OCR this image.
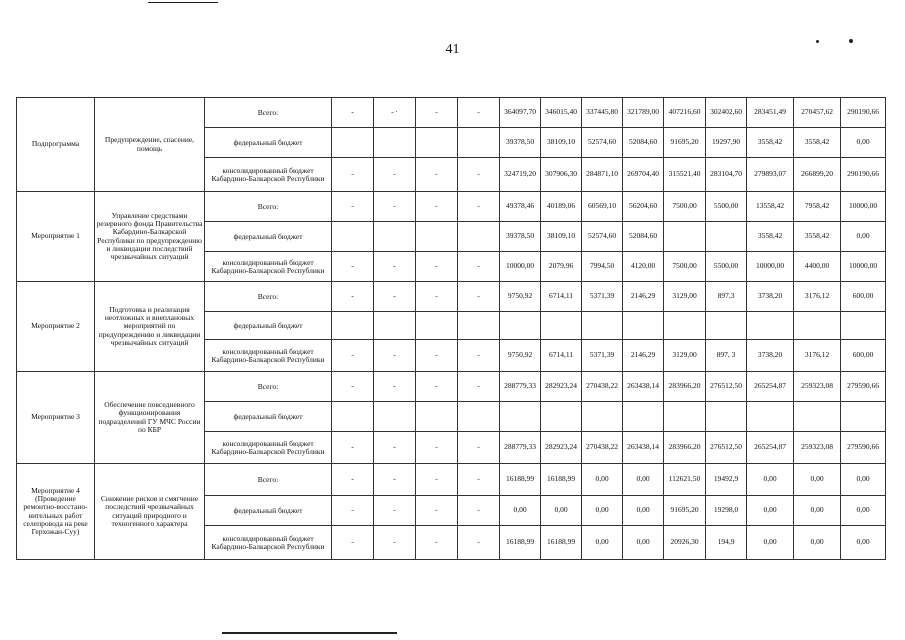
41
Подпрограмма	Предупреждение, спасение, помощь	Всего:	-	- ·	-	-	364097,70	346015,40	337445,80	321789,00	407216,60	302402,60	283451,49	270457,62	290190,66
		федеральный бюджет					39378,50	38109,10	52574,60	52084,60	91695,20	19297,90	3558,42	3558,42	0,00
		консолидированный бюджет Кабардино-Балкарской Республики	-	-	-	-	324719,20	307906,30	284871,10	269704,40	315521,40	283104,70	279893,07	266899,20	290190,66
Мероприятие 1	Управление средствами резервного фонда Правительства Кабардино-Балкарской Республики по предупреждению и ликвидации последствий чрезвычайных ситуаций	Всего:	-	-	-	-	49378,46	40189,06	60569,10	56204,60	7500,00	5500,00	13558,42	7958,42	10000,00
		федеральный бюджет					39378,50	38109,10	52574,60	52084,60			3558,42	3558,42	0,00
		консолидированный бюджет Кабардино-Балкарской Республики	-	-	-	-	10000,00	2079,96	7994,50	4120,00	7500,00	5500,00	10000,00	4400,00	10000,00
Мероприятие 2	Подготовка и реализация неотложных и внеплановых мероприятий по предупреждению и ликвидации чрезвычайных ситуаций	Всего:	-	-	-	-	9750,92	6714,11	5371,39	2146,29	3129,00	897,3	3738,20	3176,12	600,00
		федеральный бюджет													
		консолидированный бюджет Кабардино-Балкарской Республики	-	-	-	-	9750,92	6714,11	5371,39	2146,29	3129,00	897, 3	3738,20	3176,12	600,00
Мероприятие 3	Обеспечение повседневного функционирования подразделений ГУ МЧС России по КБР	Всего:	-	-	-	-	288779,33	282923,24	270438,22	263438,14	283966,20	276512,50	265254,87	259323,08	279590,66
		федеральный бюджет													
		консолидированный бюджет Кабардино-Балкарской Республики	-	-	-	-	288779,33	282923,24	270438,22	263438,14	283966,20	276512,50	265254,87	259323,08	279590,66
Мероприятие 4 (Проведение ремонтно-восстано-вительных работ селепровода на реке Герхожан-Суу)	Снижение рисков и смягчение последствий чрезвычайных ситуаций природного и техногенного характера	Всего:	-	-	-	-	16188,99	16188,99	0,00	0,00	112621,50	19492,9	0,00	0,00	0,00
		федеральный бюджет	-	-	-	-	0,00	0,00	0,00	0,00	91695,20	19298,0	0,00	0,00	0,00
		консолидированный бюджет Кабардино-Балкарской Республики	-	-	-	-	16188,99	16188,99	0,00	0,00	20926,30	194,9	0,00	0,00	0,00
